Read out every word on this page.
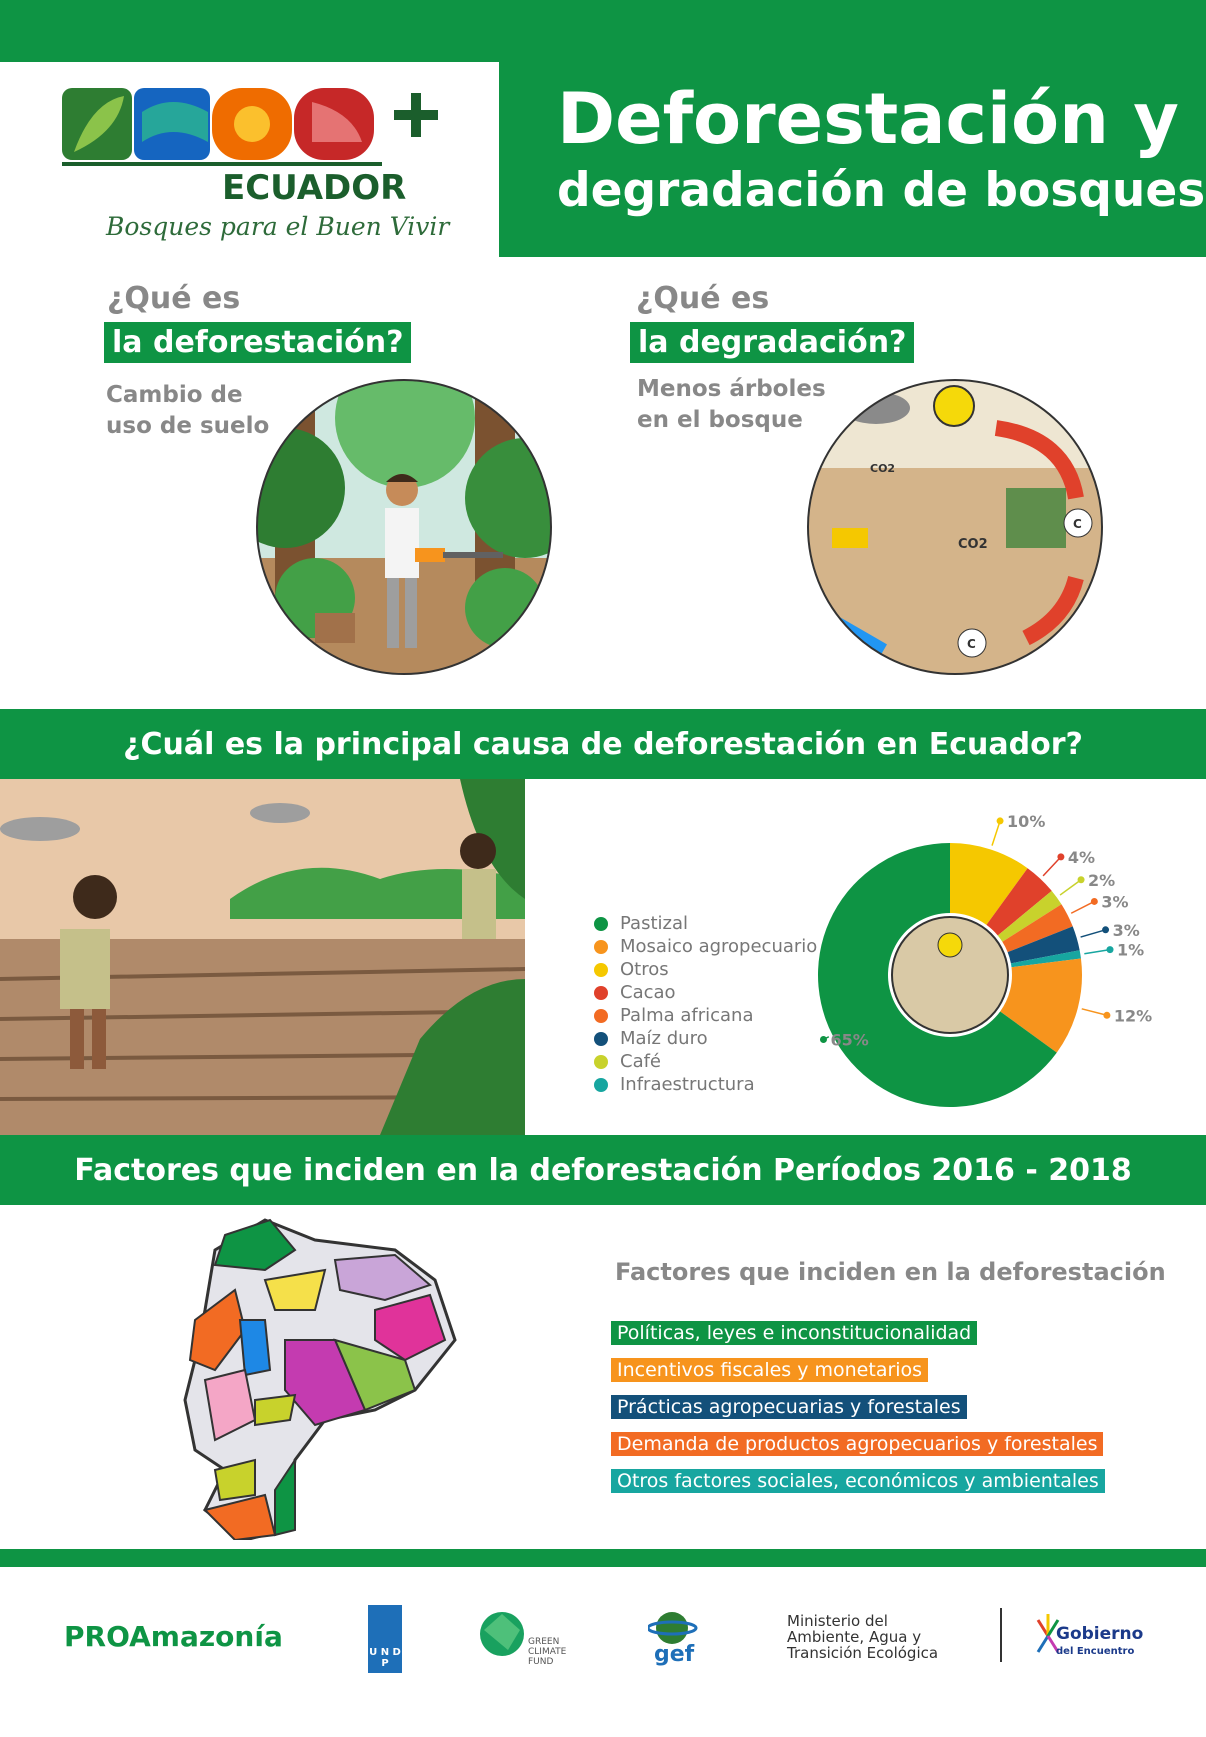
Deforestación y
degradación de bosques
ECUADOR
Bosques para el Buen Vivir
¿Qué es
la deforestación?
Cambio de
uso de suelo
¿Qué es
la degradación?
Menos árboles
en el bosque
CO2
CO2
C
C
¿Cuál es la principal causa de deforestación en Ecuador?
Pastizal
Mosaico agropecuario
Otros
Cacao
Palma africana
Maíz duro
Café
Infraestructura
10%
4%
2%
3%
3%
1%
12%
65%
Factores que inciden en la deforestación Períodos 2016 - 2018
Factores que inciden en la deforestación
Políticas, leyes e inconstitucionalidad
Incentivos fiscales y monetarios
Prácticas agropecuarias y forestales
Demanda de productos agropecuarios y forestales
Otros factores sociales, económicos y ambientales
PROAmazonía	U N D P
GREEN
CLIMATE
FUND	gef
Ministerio del
Ambiente, Agua y
Transición Ecológica
Gobierno
del Encuentro
